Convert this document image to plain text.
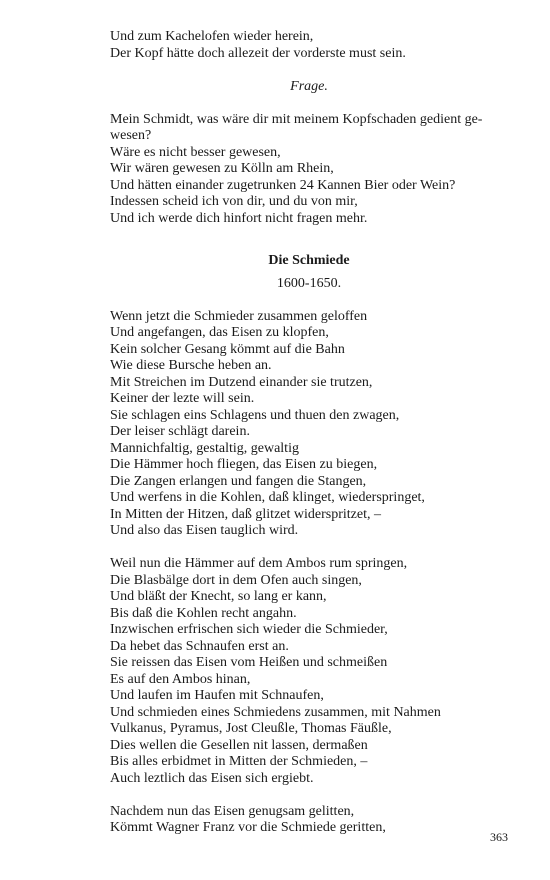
Und zum Kachelofen wieder herein,
Der Kopf hätte doch allezeit der vorderste must sein.
Frage.
Mein Schmidt, was wäre dir mit meinem Kopfschaden gedient ge-
wesen?
Wäre es nicht besser gewesen,
Wir wären gewesen zu Kölln am Rhein,
Und hätten einander zugetrunken 24 Kannen Bier oder Wein?
Indessen scheid ich von dir, und du von mir,
Und ich werde dich hinfort nicht fragen mehr.
Die Schmiede
1600-1650.
Wenn jetzt die Schmieder zusammen geloffen
Und angefangen, das Eisen zu klopfen,
Kein solcher Gesang kömmt auf die Bahn
Wie diese Bursche heben an.
Mit Streichen im Dutzend einander sie trutzen,
Keiner der lezte will sein.
Sie schlagen eins Schlagens und thuen den zwagen,
Der leiser schlägt darein.
Mannichfaltig, gestaltig, gewaltig
Die Hämmer hoch fliegen, das Eisen zu biegen,
Die Zangen erlangen und fangen die Stangen,
Und werfens in die Kohlen, daß klinget, wiederspringet,
In Mitten der Hitzen, daß glitzet widerspritzet, –
Und also das Eisen tauglich wird.
Weil nun die Hämmer auf dem Ambos rum springen,
Die Blasbälge dort in dem Ofen auch singen,
Und bläßt der Knecht, so lang er kann,
Bis daß die Kohlen recht angahn.
Inzwischen erfrischen sich wieder die Schmieder,
Da hebet das Schnaufen erst an.
Sie reissen das Eisen vom Heißen und schmeißen
Es auf den Ambos hinan,
Und laufen im Haufen mit Schnaufen,
Und schmieden eines Schmiedens zusammen, mit Nahmen
Vulkanus, Pyramus, Jost Cleußle, Thomas Fäußle,
Dies wellen die Gesellen nit lassen, dermaßen
Bis alles erbidmet in Mitten der Schmieden, –
Auch leztlich das Eisen sich ergiebt.
Nachdem nun das Eisen genugsam gelitten,
Kömmt Wagner Franz vor die Schmiede geritten,
363
